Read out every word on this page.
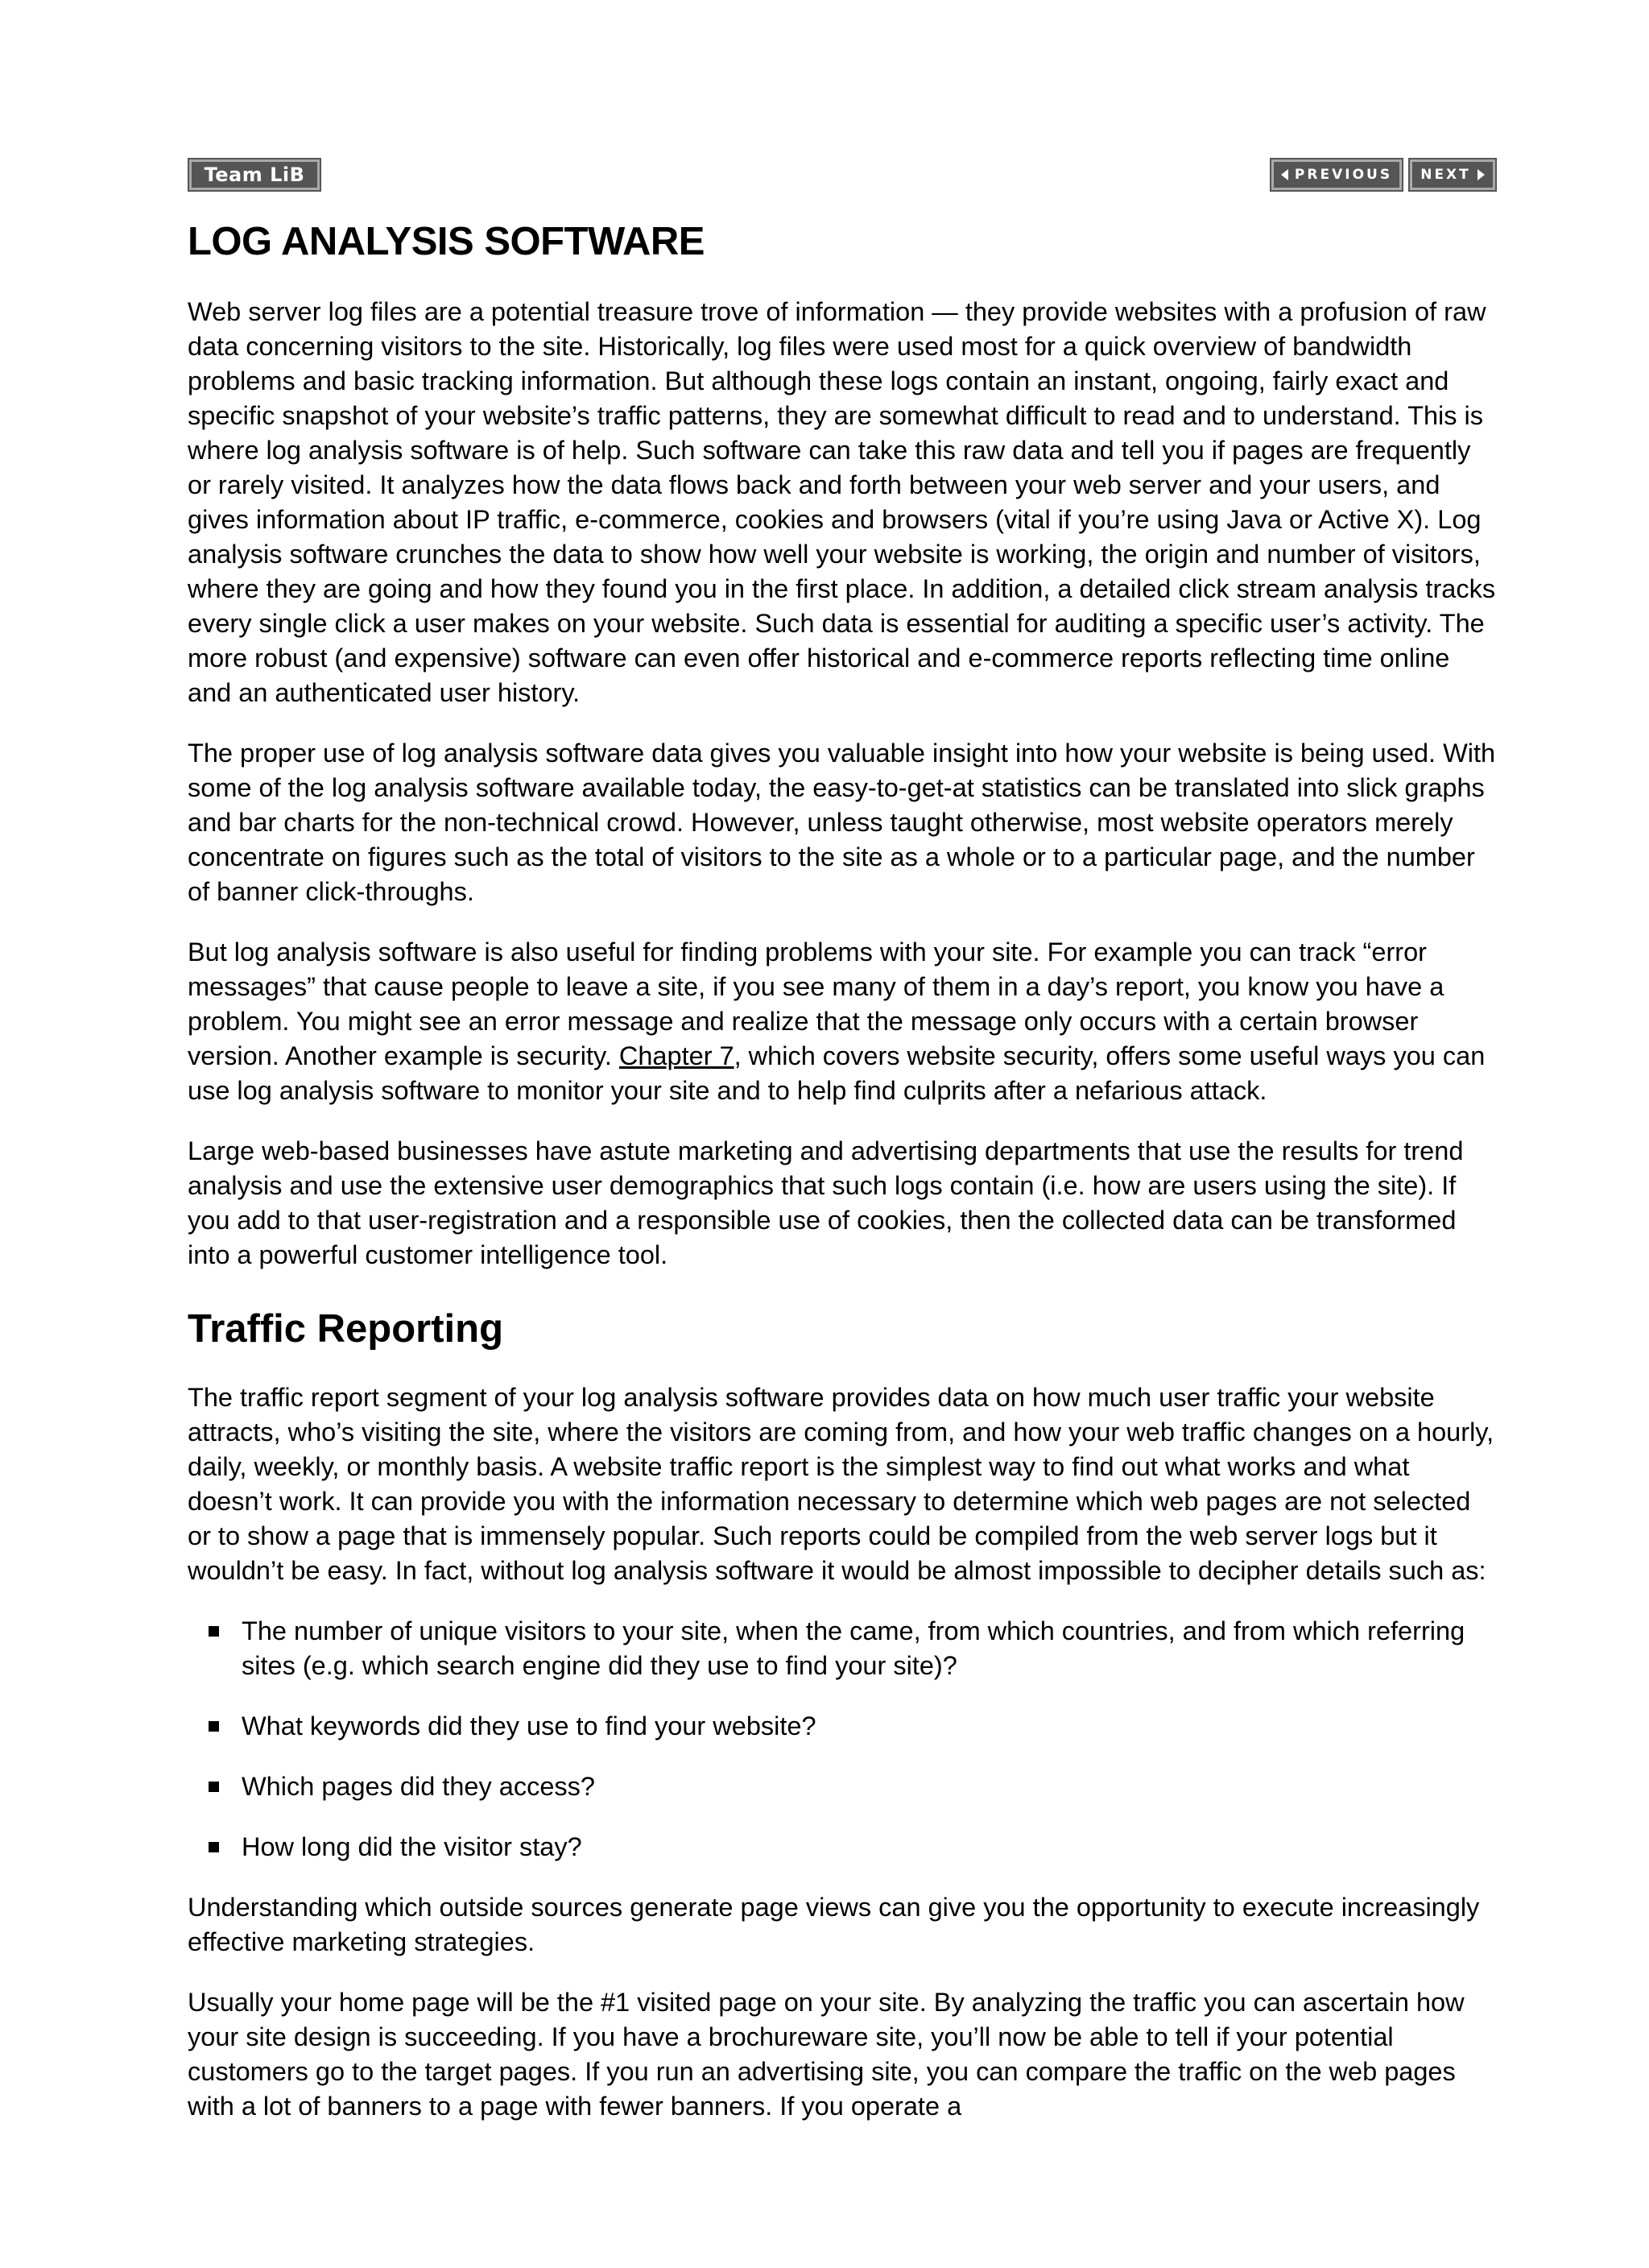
Team LiB	PREVIOUS NEXT
LOG ANALYSIS SOFTWARE

Web server log files are a potential treasure trove of information — they provide websites with a profusion of raw data concerning visitors to the site. Historically, log files were used most for a quick overview of bandwidth problems and basic tracking information. But although these logs contain an instant, ongoing, fairly exact and specific snapshot of your website’s traffic patterns, they are somewhat difficult to read and to understand. This is where log analysis software is of help. Such software can take this raw data and tell you if pages are frequently or rarely visited. It analyzes how the data flows back and forth between your web server and your users, and gives information about IP traffic, e-commerce, cookies and browsers (vital if you’re using Java or Active X). Log analysis software crunches the data to show how well your website is working, the origin and number of visitors, where they are going and how they found you in the first place. In addition, a detailed click stream analysis tracks every single click a user makes on your website. Such data is essential for auditing a specific user’s activity. The more robust (and expensive) software can even offer historical and e-commerce reports reflecting time online and an authenticated user history.

The proper use of log analysis software data gives you valuable insight into how your website is being used. With some of the log analysis software available today, the easy-to-get-at statistics can be translated into slick graphs and bar charts for the non-technical crowd. However, unless taught otherwise, most website operators merely concentrate on figures such as the total of visitors to the site as a whole or to a particular page, and the number of banner click-throughs.

But log analysis software is also useful for finding problems with your site. For example you can track “error messages” that cause people to leave a site, if you see many of them in a day’s report, you know you have a problem. You might see an error message and realize that the message only occurs with a certain browser version. Another example is security. Chapter 7, which covers website security, offers some useful ways you can use log analysis software to monitor your site and to help find culprits after a nefarious attack.

Large web-based businesses have astute marketing and advertising departments that use the results for trend analysis and use the extensive user demographics that such logs contain (i.e. how are users using the site). If you add to that user-registration and a responsible use of cookies, then the collected data can be transformed into a powerful customer intelligence tool.

Traffic Reporting

The traffic report segment of your log analysis software provides data on how much user traffic your website attracts, who’s visiting the site, where the visitors are coming from, and how your web traffic changes on a hourly, daily, weekly, or monthly basis. A website traffic report is the simplest way to find out what works and what doesn’t work. It can provide you with the information necessary to determine which web pages are not selected or to show a page that is immensely popular. Such reports could be compiled from the web server logs but it wouldn’t be easy. In fact, without log analysis software it would be almost impossible to decipher details such as:

The number of unique visitors to your site, when the came, from which countries, and from which referring sites (e.g. which search engine did they use to find your site)?
What keywords did they use to find your website?
Which pages did they access?
How long did the visitor stay?

Understanding which outside sources generate page views can give you the opportunity to execute increasingly effective marketing strategies.

Usually your home page will be the #1 visited page on your site. By analyzing the traffic you can ascertain how your site design is succeeding. If you have a brochureware site, you’ll now be able to tell if your potential customers go to the target pages. If you run an advertising site, you can compare the traffic on the web pages with a lot of banners to a page with fewer banners. If you operate a
